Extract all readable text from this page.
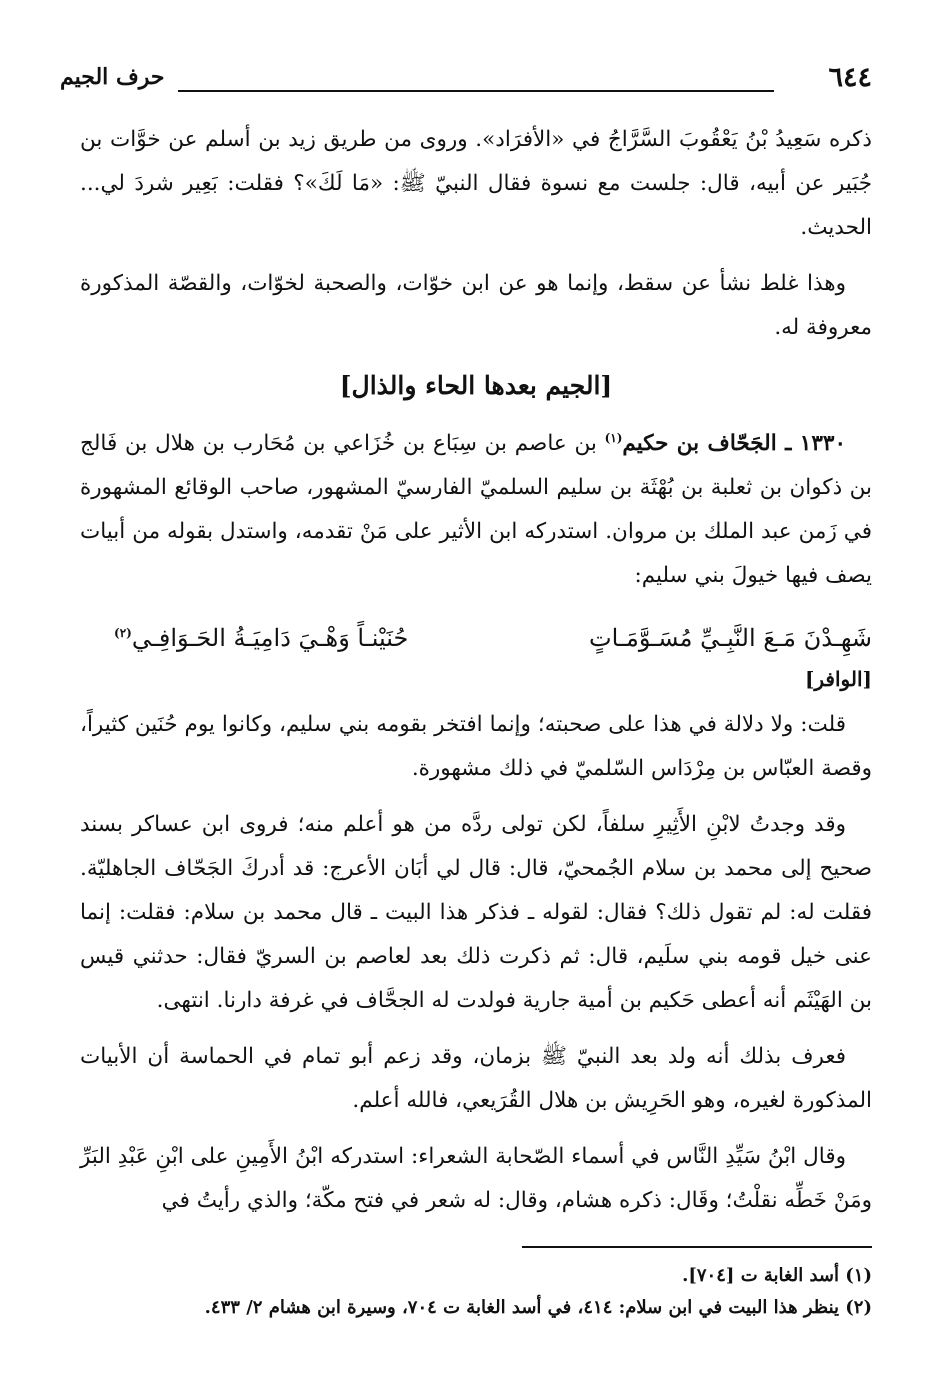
٦٤٤
حرف الجيم

ذكره سَعِيدُ بْنُ يَعْقُوبَ السَّرَّاجُ في «الأفرَاد». وروى من طريق زيد بن أسلم عن خوَّات بن جُبَير عن أبيه، قال: جلست مع نسوة فقال النبيّ ﷺ: «مَا لَكَ»؟ فقلت: بَعِير شردَ لي... الحديث.

وهذا غلط نشأ عن سقط، وإنما هو عن ابن خوّات، والصحبة لخوّات، والقصّة المذكورة معروفة له.

[الجيم بعدها الحاء والذال]

١٣٣٠ ـ الجَحّاف بن حكيم$^{(١)}$ بن عاصم بن سِبَاع بن خُزَاعي بن مُحَارب بن هلال بن فَالج بن ذكوان بن ثعلبة بن بُهْثَة بن سليم السلميّ الفارسيّ المشهور، صاحب الوقائع المشهورة في زَمن عبد الملك بن مروان. استدركه ابن الأثير على مَنْ تقدمه، واستدل بقوله من أبيات يصف فيها خيولَ بني سليم:

شَهِـدْنَ مَـعَ النَّبِـيِّ مُسَـوَّمَـاتٍ
حُنَيْنـاً وَهْـيَ دَامِيَـةُ الحَـوَافِـي$^{(٢)}$
[الوافر]

قلت: ولا دلالة في هذا على صحبته؛ وإنما افتخر بقومه بني سليم، وكانوا يوم حُنَين كثيراً، وقصة العبّاس بن مِرْدَاس السّلميّ في ذلك مشهورة.

وقد وجدتُ لابْنِ الأَثِيرِ سلفاً، لكن تولى ردَّه من هو أعلم منه؛ فروى ابن عساكر بسند صحيح إلى محمد بن سلام الجُمحيّ، قال: قال لي أبَان الأعرج: قد أدركَ الجَحّاف الجاهليّة. فقلت له: لم تقول ذلك؟ فقال: لقوله ـ فذكر هذا البيت ـ قال محمد بن سلام: فقلت: إنما عنى خيل قومه بني سلَيم، قال: ثم ذكرت ذلك بعد لعاصم بن السريّ فقال: حدثني قيس بن الهَيْثَم أنه أعطى حَكيم بن أمية جارية فولدت له الجحَّاف في غرفة دارنا. انتهى.

فعرف بذلك أنه ولد بعد النبيّ ﷺ بزمان، وقد زعم أبو تمام في الحماسة أن الأبيات المذكورة لغيره، وهو الحَرِيش بن هلال القُرَيعي، فالله أعلم.

وقال ابْنُ سَيِّدِ النَّاس في أسماء الصّحابة الشعراء: استدركه ابْنُ الأَمِينِ على ابْنِ عَبْدِ البَرِّ ومَنْ خَطِّه نقلْتُ؛ وقَال: ذكره هشام، وقال: له شعر في فتح مكّة؛ والذي رأيتُ في

(١) أسد الغابة ت [٧٠٤].
(٢) ينظر هذا البيت في ابن سلام: ٤١٤، في أسد الغابة ت ٧٠٤، وسيرة ابن هشام ٢/ ٤٣٣.
